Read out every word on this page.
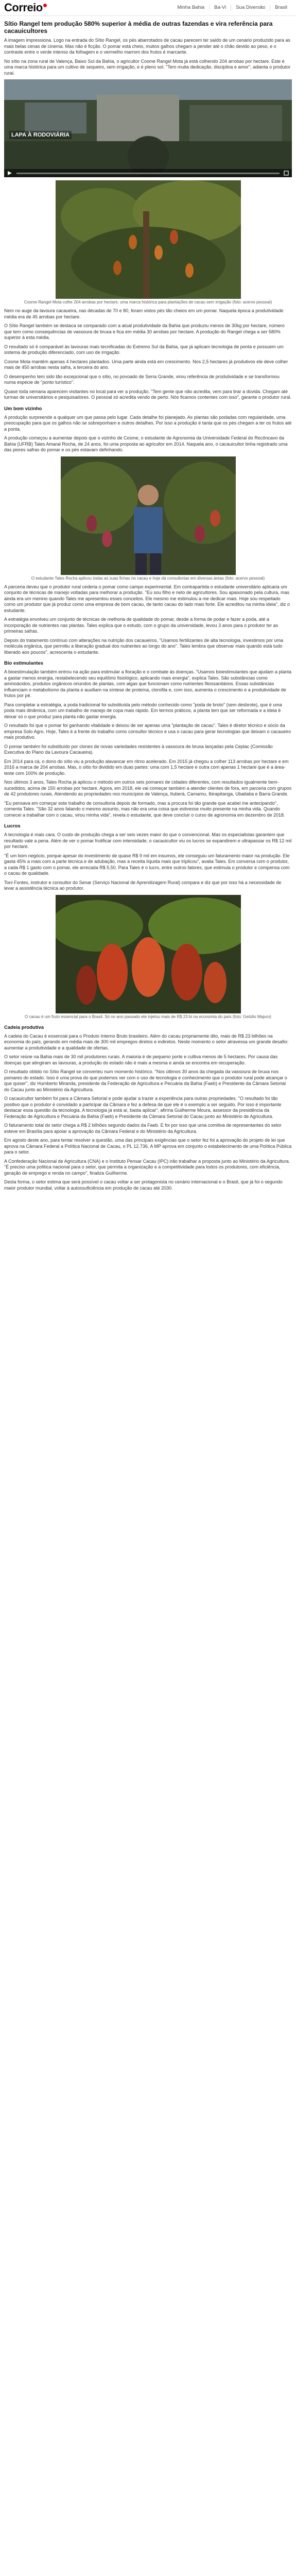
Correio	Minha Bahia	Ba-Vi	Sua Diversão	Brasil
Sítio Rangel tem produção 580% superior à média de outras fazendas e vira referência para cacauicultores

A imagem impressiona. Logo na entrada do Sítio Rangel, os pés abarrotados de cacau parecem ter saído de um cenário produzido para as mais belas cenas de cinema. Mas não é ficção. O pomar está cheio, muitos galhos chegam a pender até o chão devido ao peso, e o contraste entre o verde intenso da folhagem e o vermelho marrom dos frutos é marcante.

No sítio na zona rural de Valença, Baixo Sul da Bahia, o agricultor Cosme Rangel Mota já está colhendo 204 arrobas por hectare. Este é uma marca histórica para um cultivo de sequeiro, sem irrigação, e é pleno sol. "Tem muita dedicação, disciplina e amor", adianta o produtor rural.

LAPA À RODOVIÁRIA
Cosme Rangel Mota colhe 204 arrobas por hectare, uma marca histórica para plantações de cacau sem irrigação (foto: acervo pessoal)

Nem no auge da lavoura cacaueira, nas décadas de 70 e 80, foram vistos pés tão cheios em um pomar. Naquela época a produtividade média era de 45 arrobas por hectare.

O Sítio Rangel também se destaca se comparado com a atual produtividade da Bahia que produziu menos de 30kg por hectare, número que tem como consequências de vassoura de bruxa e fica em média 30 arrobas por hectare. A produção do Rangel chega a ser 580% superior à esta média.

O resultado só é comparável às lavouras mais tecnificadas do Extremo Sul da Bahia, que já aplicam tecnologia de ponta e possuem um sistema de produção diferenciado, com uso de irrigação.

Cosme Mota mantém apenas 4 hectares plantados. Uma parte ainda está em crescimento. Nos 2,5 hectares já produtivos ele deve colher mais de 450 arrobas nesta safra, a terceira do ano.

O desempenho tem sido tão excepcional que o sítio, no povoado de Serra Grande, virou referência de produtividade e se transformou numa espécie de "ponto turístico".

Quase toda semana aparecem visitantes no local para ver a produção. "Tem gente que não acredita, vem para tirar a dúvida. Chegam até turmas de universitários e pesquisadores. O pessoal só acredita vendo de perto. Nós ficamos contentes com isso", garante o produtor rural.

Um bom vizinho

A produção surpreende a qualquer um que passa pelo lugar. Cada detalhe foi planejado. As plantas são podadas com regularidade, uma preocupação para que os galhos não se sobreponham e outros detalhes. Por isso a produção é tanta que os pés chegam a ter os frutos até a ponta.

A produção começou a aumentar depois que o vizinho de Cosme, o estudante de Agronomia da Universidade Federal do Recôncavo da Bahia (UFRB) Tales Amaral Rocha, de 24 anos, foi uma proposta ao agricultor em 2014. Naquela ano, o cacauicultor tinha registrado uma das piores safras do pomar e os pés estavam definhando.

O estudante Tales Rocha aplicou todas as suas fichas no cacau e hoje dá consultorias em diversas áreas (foto: acervo pessoal)

A parceria deveu que o produtor rural cederia o pomar como campo experimental. Em contrapartida o estudante universitário aplicaria um conjunto de técnicas de manejo voltadas para melhorar a produção. "Eu sou filho e neto de agricultores. Sou apaixonado pela cultura, mas ainda era um menino quando Tales me apresentou esses conceitos. Ele mesmo me estimulou a me dedicar mais. Hoje sou respeitado como um produtor que já produz como uma empresa de bom cacau, de tanto cacau do lado mais forte. Ele acreditou na minha ideia", diz o estudante.

A estratégia envolveu um conjunto de técnicas de melhoria de qualidade do pomar, desde a forma de podar e fazer a poda, até a incorporação de nutrientes nas plantas. Tales explica que o estudo, com o grupo da universidade, levou 3 anos para o produtor ter as primeiras safras.

Depois do tratamento contínuo com alterações na nutrição dos cacaueiros, "Usamos fertilizantes de alta tecnologia, investimos por uma molécula orgânica, que permitiu a liberação gradual dos nutrientes ao longo do ano". Tales lembra que observar mais quando está tudo liberado aos poucos", acrescenta o estudante.

Bio estimulantes

A bioestimulação também entrou na ação para estimular a floração e o combate às doenças. "Usamos bioestimulantes que ajudam a planta a gastar menos energia, restabelecendo seu equilíbrio fisiológico, aplicando mais energia", explica Tales. São substâncias como aminoácidos, produtos orgânicos oriundos de plantas, com algas que funcionam como nutrientes fitossanitários. Essas substâncias influenciam o metabolismo da planta e auxiliam na síntese de proteína, clorofila e, com isso, aumenta o crescimento e a produtividade de frutos por pé.

Para completar a estratégia, a poda tradicional foi substituída pelo método conhecido como "poda de broto" (sem desbrote), que é uma poda mais dinâmica, com um trabalho de manejo de copa mais rápido. Em termos práticos, a planta tem que ser reformada e a ideia é deixar só o que produz para planta não gastar energia.

O resultado foi que o pomar foi ganhando vitalidade e deixou de ser apenas uma "plantação de cacau". Tales é diretor técnico e sócio da empresa Solo Agro. Hoje, Tales é a frente do trabalho como consultor técnico e usa o cacau para gerar tecnologias que deixam o cacaueiro mais produtivo.

O pomar também foi substituído por clones de novas variedades resistentes à vassoura de bruxa lançadas pela Ceplac (Comissão Executiva do Plano da Lavoura Cacaueira).

Em 2014 para cá, o dono do sítio viu a produção alavancar em ritmo acelerado. Em 2015 já chegou a colher 113 arrobas por hectare e em 2016 a marca de 204 arrobas. Mas, o sítio foi dividido em duas partes: uma com 1,5 hectare e outra com apenas 1 hectare que é a área-teste com 100% de produção.

Nos últimos 3 anos, Tales Rocha já aplicou o método em outros seis pomares de cidades diferentes, com resultados igualmente bem-sucedidos, acima de 150 arrobas por hectare. Agora, em 2018, ele vai começar também a atender clientes de fora, em parceria com grupos de 42 produtores rurais. Atendendo as propriedades nos municípios de Valença, Ituberá, Camamu, Ibirapitanga, Ubaitaba e Barra Grande.

"Eu pensava em começar este trabalho de consultoria depois de formado, mas a procura foi tão grande que acabei me antecipando", comenta Tales. "São 32 anos falando o mesmo assunto, mas não era uma coisa que estivesse muito presente na minha vida. Quando comecei a trabalhar com o cacau, virou minha vida", revela o estudante, que deve concluir o curso de agronomia em dezembro de 2018.

Lucros

A tecnologia é mais cara. O custo de produção chega a ser seis vezes maior do que o convencional. Mas os especialistas garantem que resultado vale a pena. Além de ver o pomar frutificar com intensidade, o cacauicultor viu os lucros se expandirem e ultrapassar os R$ 12 mil por hectare.

"É um bom negócio, porque apesar do investimento de quase R$ 9 mil em insumos, ele conseguiu um faturamento maior na produção. Ele gasta 45% a mais com a parte técnica e de adubação, mas a receita líquida mais que triplicou", avalia Tales. Em conversa com o produtor, a cada R$ 1 gasto com o pomar, ele arrecada R$ 5,50. Para Tales é o lucro, entre outros fatores, que estimula o produtor e compensa com o cacau de qualidade.

Toni Fontes, instrutor e consultor do Senar (Serviço Nacional de Aprendizagem Rural) compara e diz que por isso há a necessidade de levar a assistência técnica ao produtor.

O cacau é um fruto essencial para o Brasil. Só no ano passado ele injetou mais de R$ 23 bi na economia do país (foto: Getúlio Majuro)
Cadeia produtiva

A cadeia do Cacau é essencial para o Produto Interno Bruto brasileiro. Além do cacau propriamente dito, mais de R$ 23 bilhões na economia do país, gerando em média mais de 300 mil empregos diretos e indiretos. Neste momento o setor atravessa um grande desafio: aumentar a produtividade e a qualidade de ofertas.

O setor reúne na Bahia mais de 30 mil produtores rurais. A maioria é de pequeno porte e cultiva menos de 5 hectares. Por causa das doenças que atingiram as lavouras, a produção do estado não é mais a mesma e ainda se encontra em recuperação.

O resultado obtido no Sítio Rangel se converteu num momento histórico. "Nos últimos 30 anos da chegada da vassoura de bruxa nos pomares do estado. Isso é uma prova do que podemos ver com o uso de tecnologia e conhecimento que o produtor rural pode alcançar o que quiser", diz Humberto Miranda, presidente da Federação de Agricultura e Pecuária da Bahia (Faeb) e Presidente da Câmara Setorial do Cacau junto ao Ministério da Agricultura.

O cacauicultor também foi para a Câmara Setorial e pode ajudar a trazer a experiência para outras propriedades. "O resultado foi tão positivo que o produtor é convidado a participar da Câmara e fez a defesa de que ele é o exemplo a ser seguido. Por isso é importante destacar essa questão da tecnologia. A tecnologia já está aí, basta aplicar", afirma Guilherme Moura, assessor da presidência da Federação de Agricultura e Pecuária da Bahia (Faeb) e Presidente da Câmara Setorial do Cacau junto ao Ministério de Agricultura.

O faturamento total do setor chega a R$ 2 bilhões segundo dados da Faeb. E foi por isso que uma comitiva de representantes do setor esteve em Brasília para apoiar a aprovação da Câmara Federal e do Ministério da Agricultura.

Em agosto deste ano, para tentar resolver a questão, uma das principais exigências que o setor fez foi a aprovação do projeto de lei que aprova na Câmara Federal a Política Nacional de Cacau, o PL 12.736. A MP aprova em conjunto o estabelecimento de uma Política Pública para o setor.

A Confederação Nacional de Agricultura (CNA) e o Instituto Pensar Cacau (IPC) irão trabalhar a proposta junto ao Ministério da Agricultura. "É preciso uma política nacional para o setor, que permita a organização e a competitividade para todos os produtores, com eficiência, geração de emprego e renda no campo", finaliza Guilherme.

Desta forma, o setor estima que será possível o cacau voltar a ser protagonista no cenário internacional e o Brasil, que já foi o segundo maior produtor mundial, voltar à autossuficiência em produção de cacau até 2030.
